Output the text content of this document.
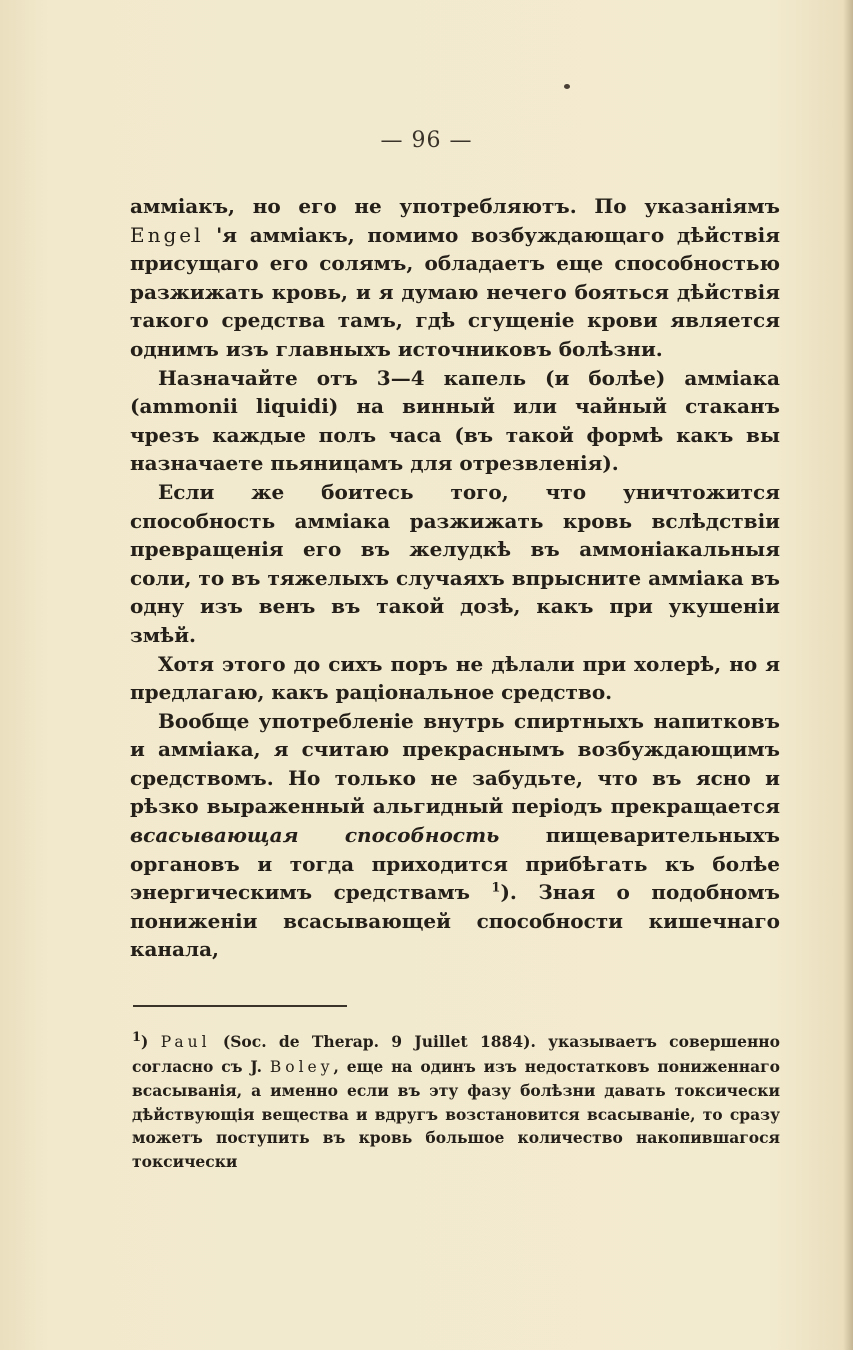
— 96 —

амміакъ, но его не употребляютъ. По указаніямъ Engel 'я амміакъ, помимо возбуждающаго дѣйствія присущаго его солямъ, обладаетъ еще способностью разжижать кровь, и я думаю нечего бояться дѣйствія такого средства тамъ, гдѣ сгущеніе крови является однимъ изъ главныхъ источниковъ болѣзни.

Назначайте отъ 3—4 капель (и болѣе) амміака (ammonii liquidi) на винный или чайный стаканъ чрезъ каждые полъ часа (въ такой формѣ какъ вы назначаете пьяницамъ для отрезвленія).

Если же боитесь того, что уничтожится способность амміака разжижать кровь вслѣдствіи превращенія его въ желудкѣ въ аммоніакальныя соли, то въ тяжелыхъ случаяхъ впрысните амміака въ одну изъ венъ въ такой дозѣ, какъ при укушеніи змѣй.

Хотя этого до сихъ поръ не дѣлали при холерѣ, но я предлагаю, какъ раціональное средство.

Вообще употребленіе внутрь спиртныхъ напитковъ и амміака, я считаю прекраснымъ возбуждающимъ средствомъ. Но только не забудьте, что въ ясно и рѣзко выраженный альгидный періодъ прекращается всасывающая способность пищеварительныхъ органовъ и тогда приходится прибѣгать къ болѣе энергическимъ средствамъ $^1$). Зная о подобномъ пониженіи всасывающей способности кишечнаго канала,

$^1$) Paul (Soc. de Therap. 9 Juillet 1884). указываетъ совершенно согласно съ J. Boley, еще на одинъ изъ недостатковъ пониженнаго всасыванія, а именно если въ эту фазу болѣзни давать токсически дѣйствующія вещества и вдругъ возстановится всасываніе, то сразу можетъ поступить въ кровь большое количество накопившагося токсически
